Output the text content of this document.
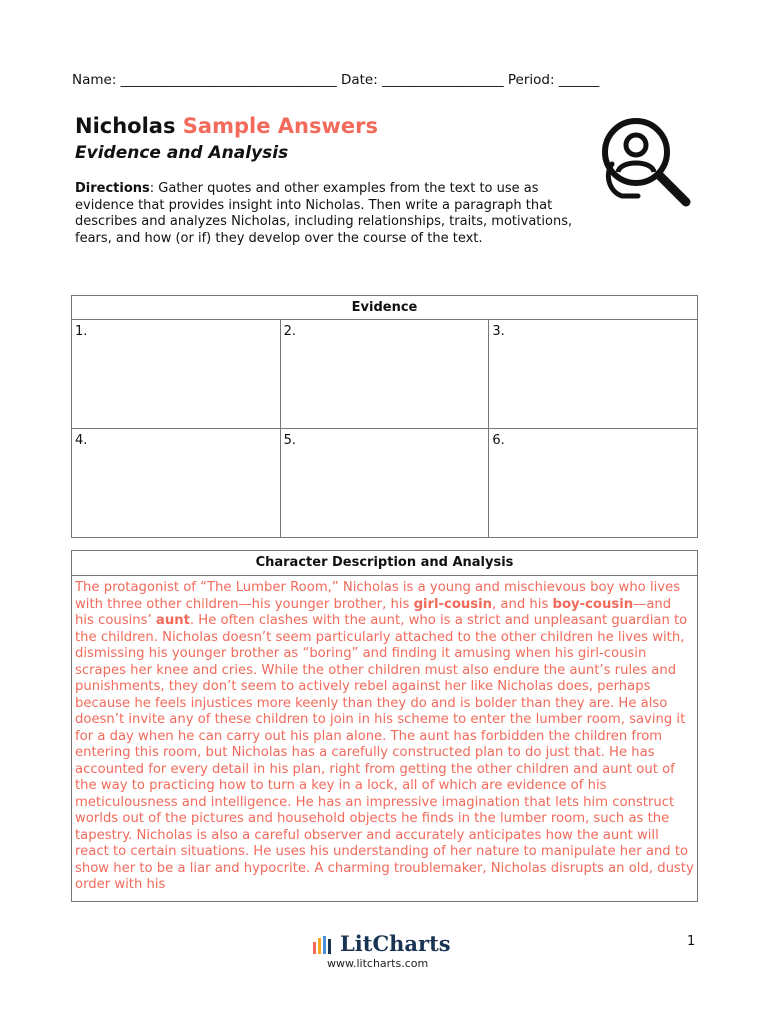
Name: ________________________________ Date: __________________ Period: ______
Nicholas Sample Answers
Evidence and Analysis
Directions: Gather quotes and other examples from the text to use as evidence that provides insight into Nicholas. Then write a paragraph that describes and analyzes Nicholas, including relationships, traits, motivations, fears, and how (or if) they develop over the course of the text.
Evidence		
1.	2.	3.
4.	5.	6.
Character Description and Analysis
The protagonist of “The Lumber Room,” Nicholas is a young and mischievous boy who lives with three other children—his younger brother, his girl-cousin, and his boy-cousin—and his cousins’ aunt. He often clashes with the aunt, who is a strict and unpleasant guardian to the children. Nicholas doesn’t seem particularly attached to the other children he lives with, dismissing his younger brother as “boring” and finding it amusing when his girl-cousin scrapes her knee and cries. While the other children must also endure the aunt’s rules and punishments, they don’t seem to actively rebel against her like Nicholas does, perhaps because he feels injustices more keenly than they do and is bolder than they are. He also doesn’t invite any of these children to join in his scheme to enter the lumber room, saving it for a day when he can carry out his plan alone. The aunt has forbidden the children from entering this room, but Nicholas has a carefully constructed plan to do just that. He has accounted for every detail in his plan, right from getting the other children and aunt out of the way to practicing how to turn a key in a lock, all of which are evidence of his meticulousness and intelligence. He has an impressive imagination that lets him construct worlds out of the pictures and household objects he finds in the lumber room, such as the tapestry. Nicholas is also a careful observer and accurately anticipates how the aunt will react to certain situations. He uses his understanding of her nature to manipulate her and to show her to be a liar and hypocrite. A charming troublemaker, Nicholas disrupts an old, dusty order with his
LitCharts
www.litcharts.com
1
